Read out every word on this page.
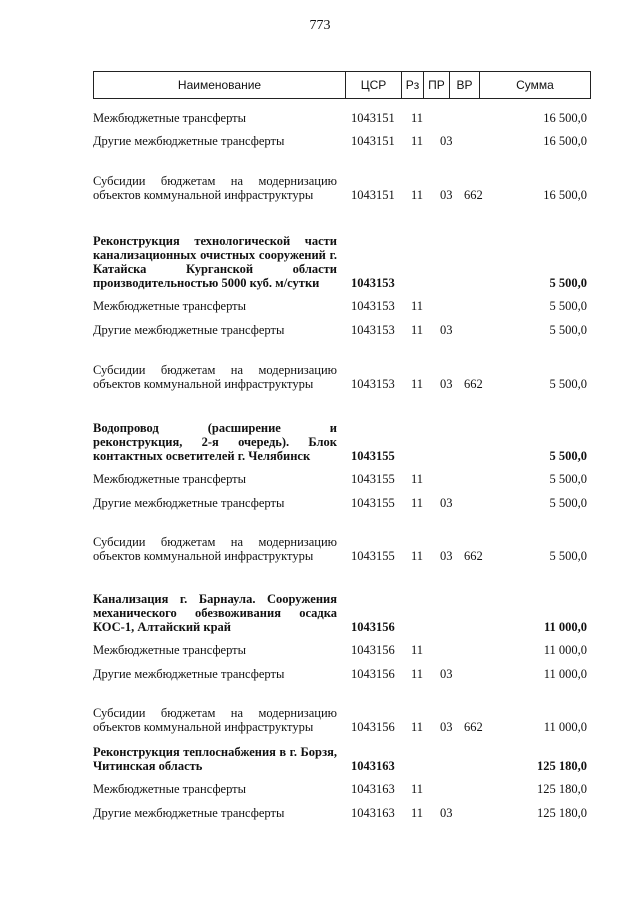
773
Наименование	ЦСР	Рз ПР ВР	Сумма
Межбюджетные трансферты	1043151 11	16 500,0
Другие межбюджетные трансферты	1043151 11 03	16 500,0
Субсидии бюджетам на модернизацию объектов коммунальной инфраструктуры	1043151 11 03 662	16 500,0
Реконструкция технологической части канализационных очистных сооружений г. Катайска Курганской области производительностью 5000 куб. м/сутки	1043153	5 500,0
Межбюджетные трансферты	1043153 11	5 500,0
Другие межбюджетные трансферты	1043153 11 03	5 500,0
Субсидии бюджетам на модернизацию объектов коммунальной инфраструктуры	1043153 11 03 662	5 500,0
Водопровод (расширение и реконструкция, 2-я очередь). Блок контактных осветителей г. Челябинск	1043155	5 500,0
Межбюджетные трансферты	1043155 11	5 500,0
Другие межбюджетные трансферты	1043155 11 03	5 500,0
Субсидии бюджетам на модернизацию объектов коммунальной инфраструктуры	1043155 11 03 662	5 500,0
Канализация г. Барнаула. Сооружения механического обезвоживания осадка КОС-1, Алтайский край	1043156	11 000,0
Межбюджетные трансферты	1043156 11	11 000,0
Другие межбюджетные трансферты	1043156 11 03	11 000,0
Субсидии бюджетам на модернизацию объектов коммунальной инфраструктуры	1043156 11 03 662	11 000,0
Реконструкция теплоснабжения в г. Борзя, Читинская область	1043163	125 180,0
Межбюджетные трансферты	1043163 11	125 180,0
Другие межбюджетные трансферты	1043163 11 03	125 180,0
